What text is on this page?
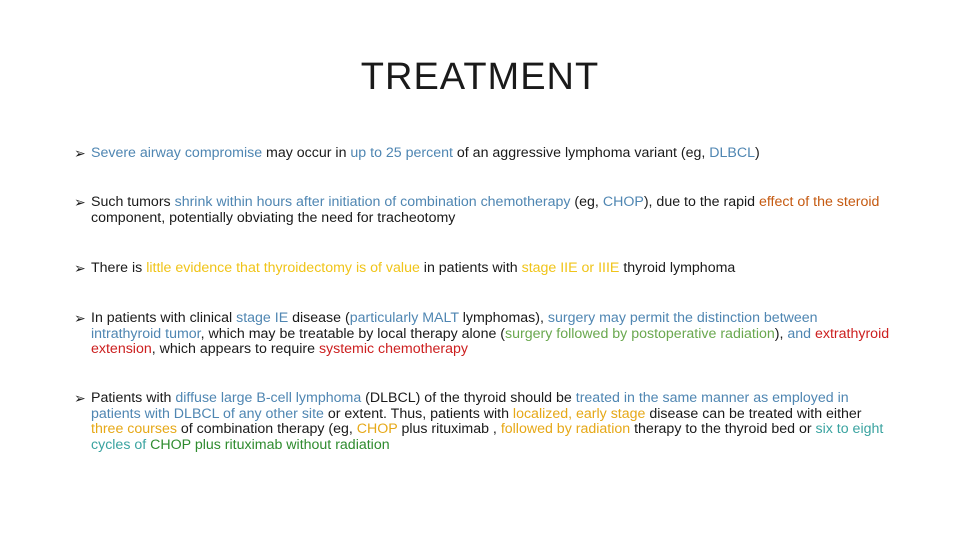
TREATMENT
➢ Severe airway compromise may occur in up to 25 percent of an aggressive lymphoma variant (eg, DLBCL)
➢ Such tumors shrink within hours after initiation of combination chemotherapy (eg, CHOP), due to the rapid effect of the steroid component, potentially obviating the need for tracheotomy
➢ There is little evidence that thyroidectomy is of value in patients with stage IIE or IIIE thyroid lymphoma
➢ In patients with clinical stage IE disease (particularly MALT lymphomas), surgery may permit the distinction between intrathyroid tumor, which may be treatable by local therapy alone (surgery followed by postoperative radiation), and extrathyroid extension, which appears to require systemic chemotherapy
➢ Patients with diffuse large B-cell lymphoma (DLBCL) of the thyroid should be treated in the same manner as employed in patients with DLBCL of any other site or extent. Thus, patients with localized, early stage disease can be treated with either three courses of combination therapy (eg, CHOP plus rituximab , followed by radiation therapy to the thyroid bed or six to eight cycles of CHOP plus rituximab without radiation
